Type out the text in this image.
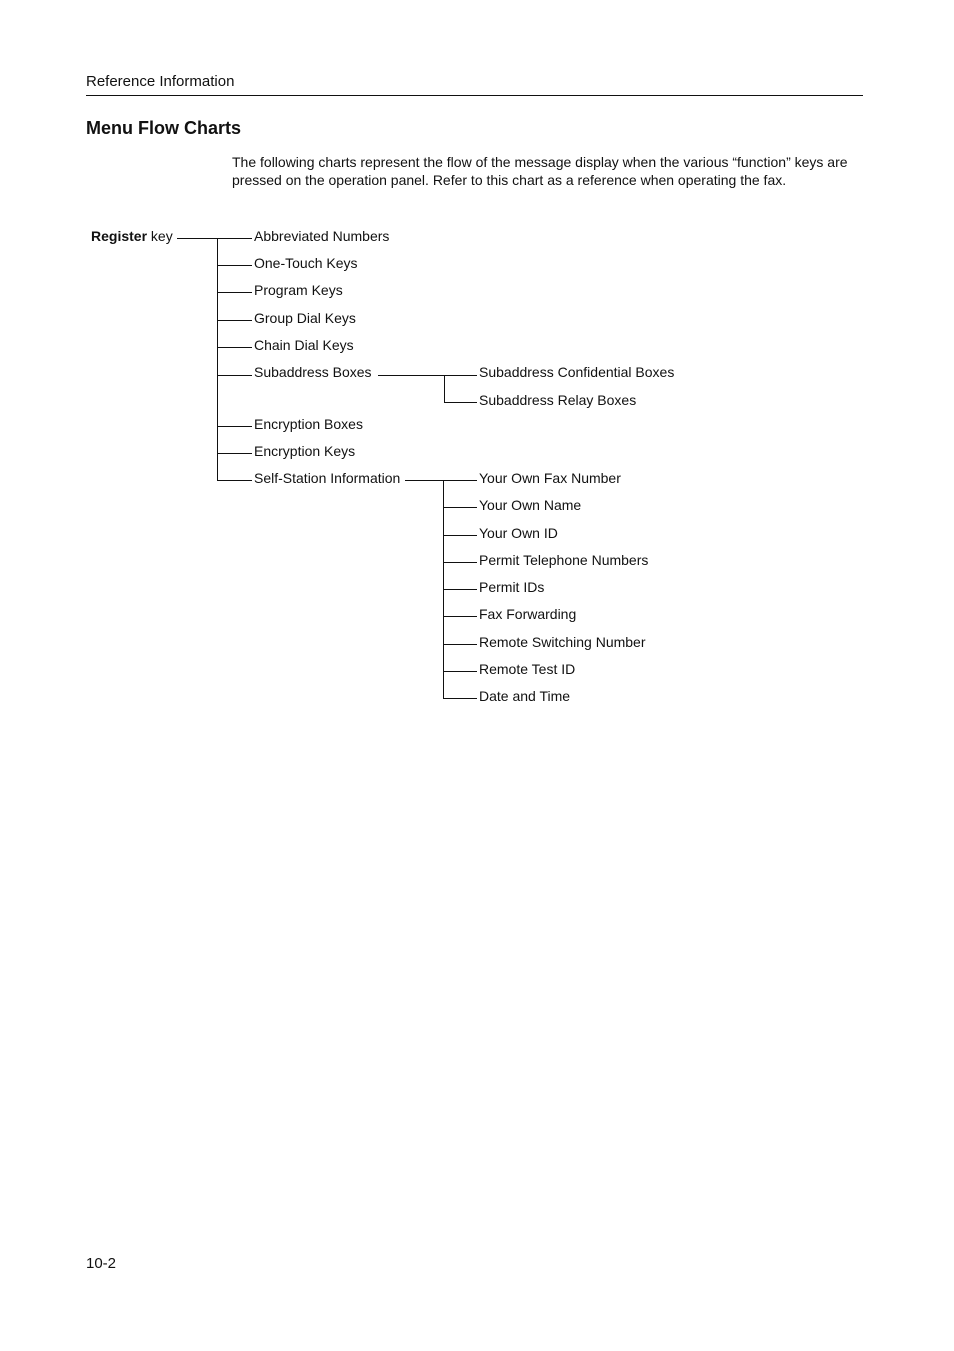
Reference Information
Menu Flow Charts
The following charts represent the flow of the message display when the various “function” keys are pressed on the operation panel. Refer to this chart as a reference when operating the fax.
Register key	Abbreviated Numbers
One-Touch Keys
Program Keys
Group Dial Keys
Chain Dial Keys
Subaddress Boxes
Encryption Boxes
Encryption Keys
Self-Station Information
Subaddress Confidential Boxes
Subaddress Relay Boxes
Your Own Fax Number
Your Own Name
Your Own ID
Permit Telephone Numbers
Permit IDs
Fax Forwarding
Remote Switching Number
Remote Test ID
Date and Time
10-2
